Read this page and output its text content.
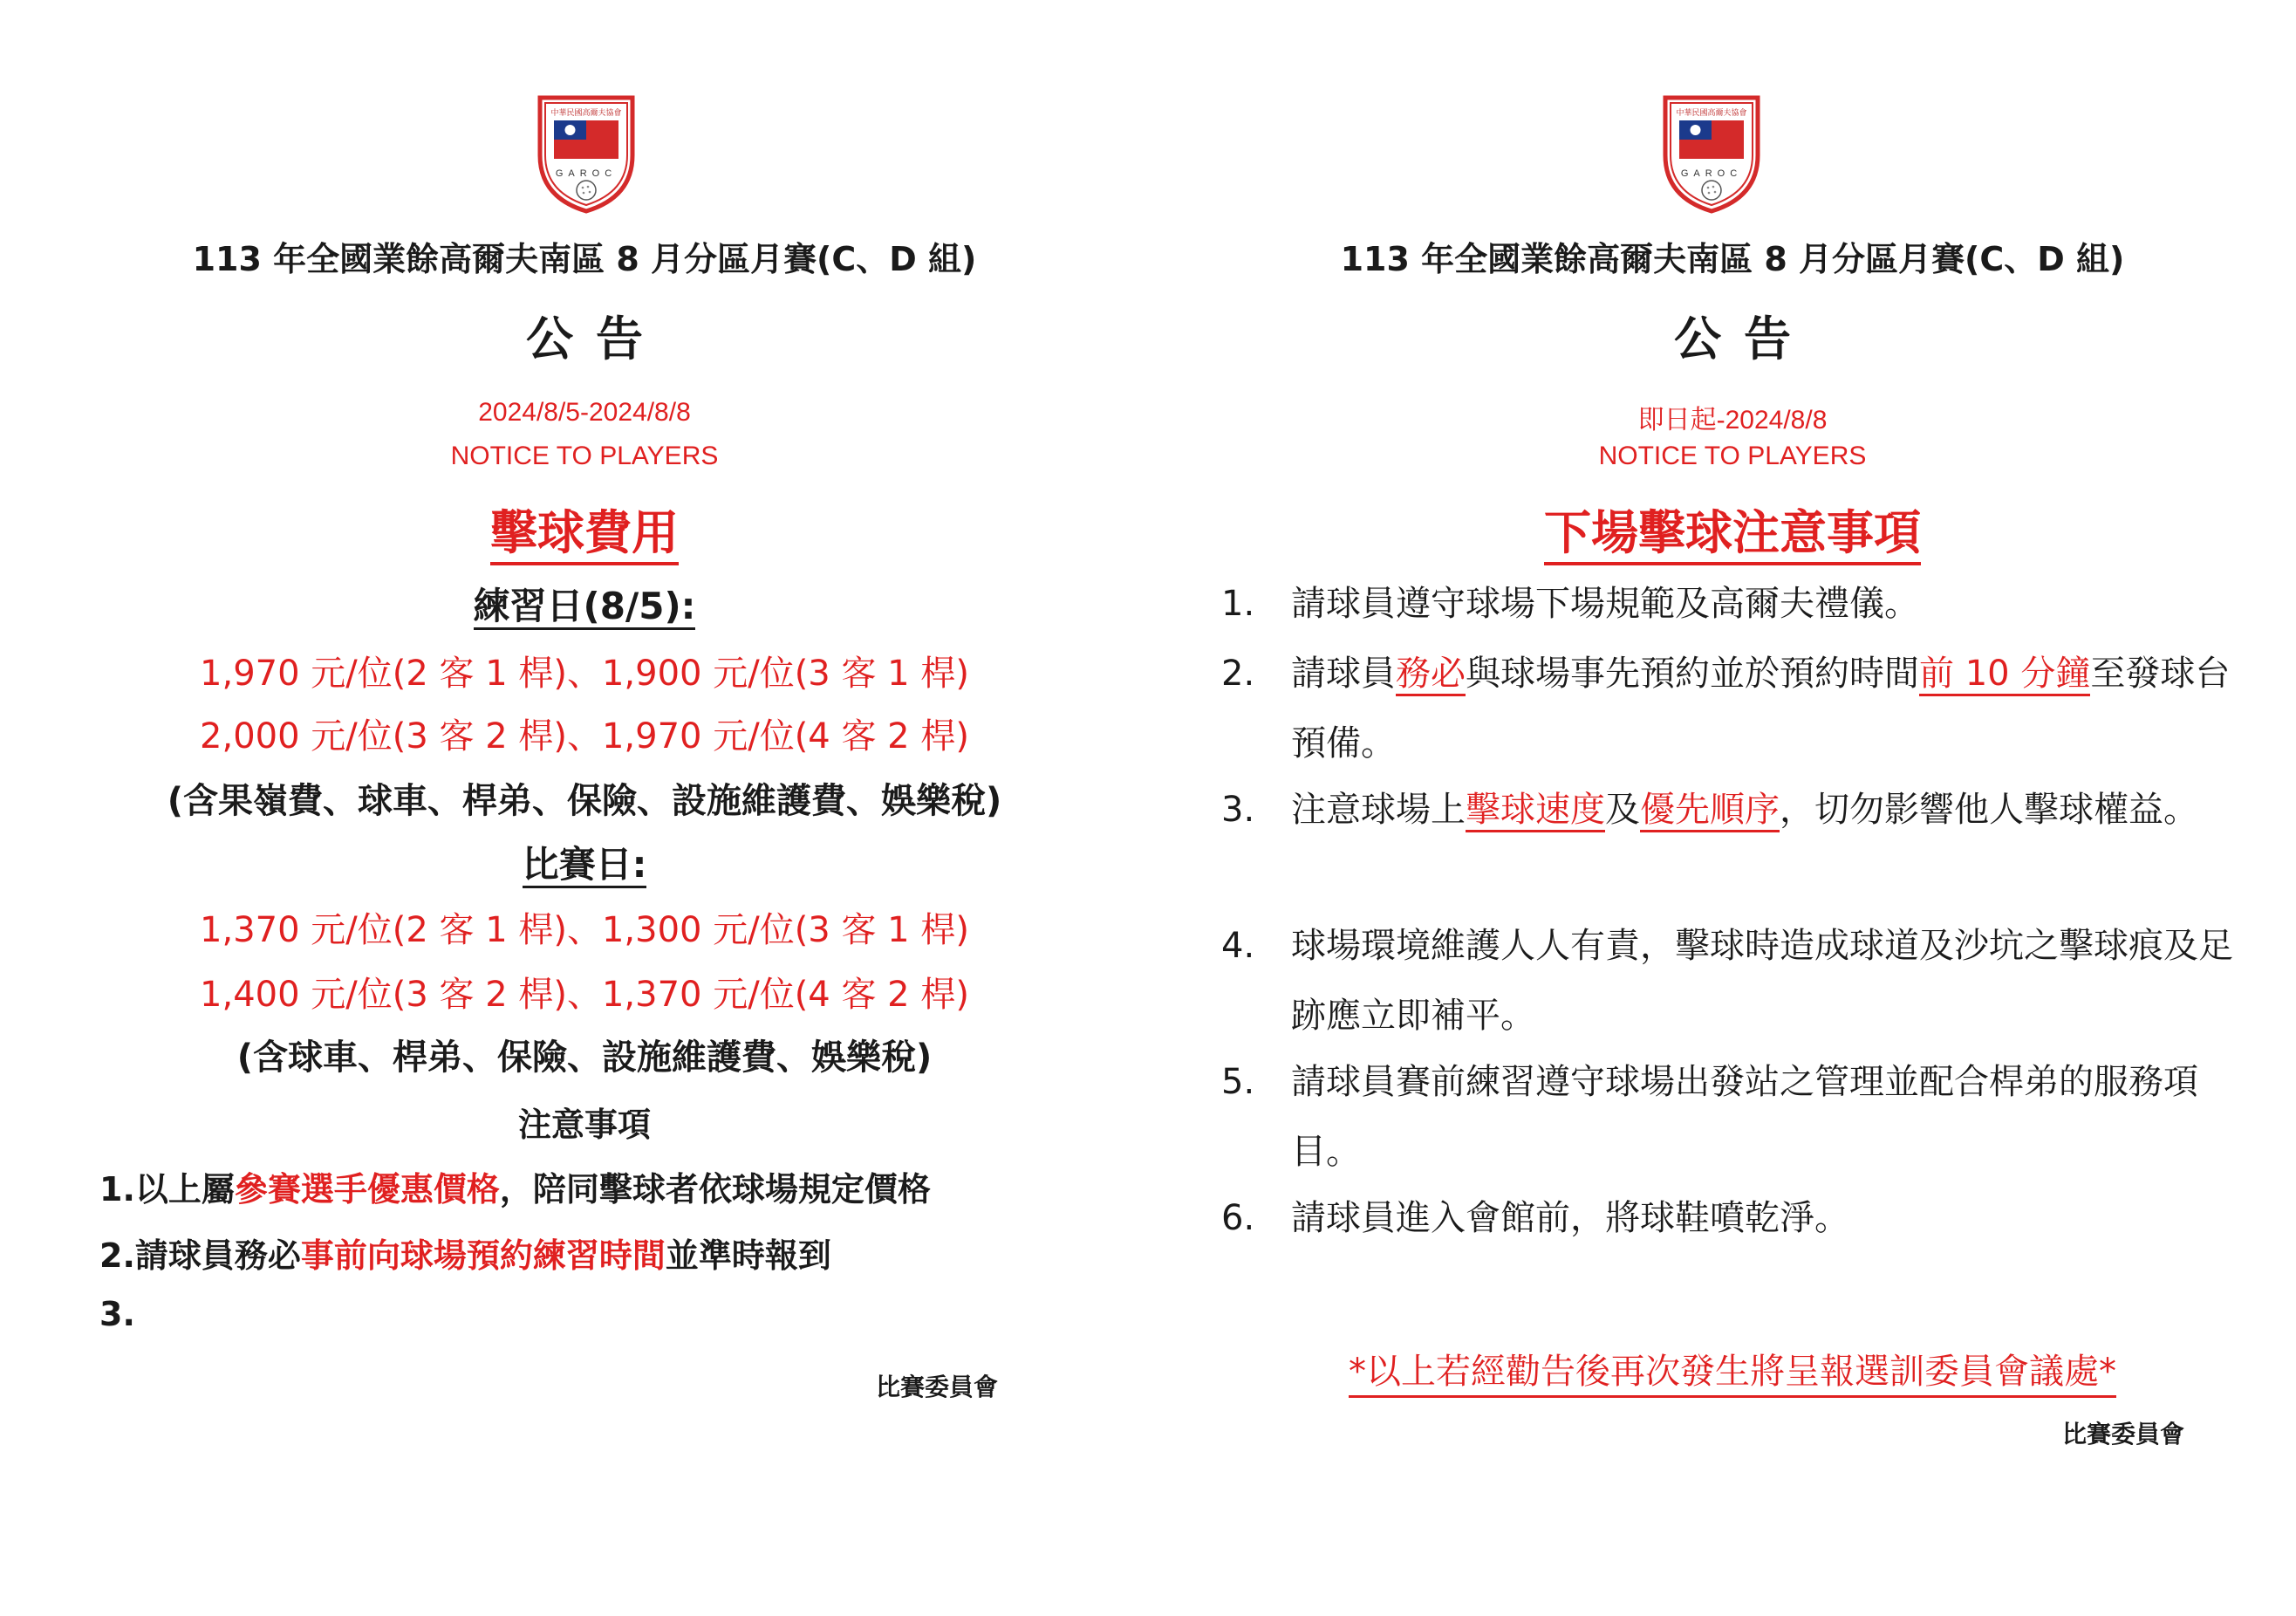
中華民國高爾夫協會
GAROC
113 年全國業餘高爾夫南區 8 月分區月賽(C、D 組)
公告
2024/8/5-2024/8/8
NOTICE TO PLAYERS
擊球費用
練習日(8/5):
1,970 元/位(2 客 1 桿)、1,900 元/位(3 客 1 桿)
2,000 元/位(3 客 2 桿)、1,970 元/位(4 客 2 桿)
(含果嶺費、球車、桿弟、保險、設施維護費、娛樂稅)
比賽日:
1,370 元/位(2 客 1 桿)、1,300 元/位(3 客 1 桿)
1,400 元/位(3 客 2 桿)、1,370 元/位(4 客 2 桿)
(含球車、桿弟、保險、設施維護費、娛樂稅)
注意事項
1.以上屬參賽選手優惠價格，陪同擊球者依球場規定價格
2.請球員務必事前向球場預約練習時間並準時報到
3.
比賽委員會
中華民國高爾夫協會
GAROC
113 年全國業餘高爾夫南區 8 月分區月賽(C、D 組)
公告
即日起-2024/8/8
NOTICE TO PLAYERS
下場擊球注意事項
1. 請球員遵守球場下場規範及高爾夫禮儀。
2. 請球員務必與球場事先預約並於預約時間前 10 分鐘至發球台預備。
3. 注意球場上擊球速度及優先順序，切勿影響他人擊球權益。
4. 球場環境維護人人有責，擊球時造成球道及沙坑之擊球痕及足跡應立即補平。
5. 請球員賽前練習遵守球場出發站之管理並配合桿弟的服務項目。
6. 請球員進入會館前，將球鞋噴乾淨。
*以上若經勸告後再次發生將呈報選訓委員會議處*
比賽委員會
